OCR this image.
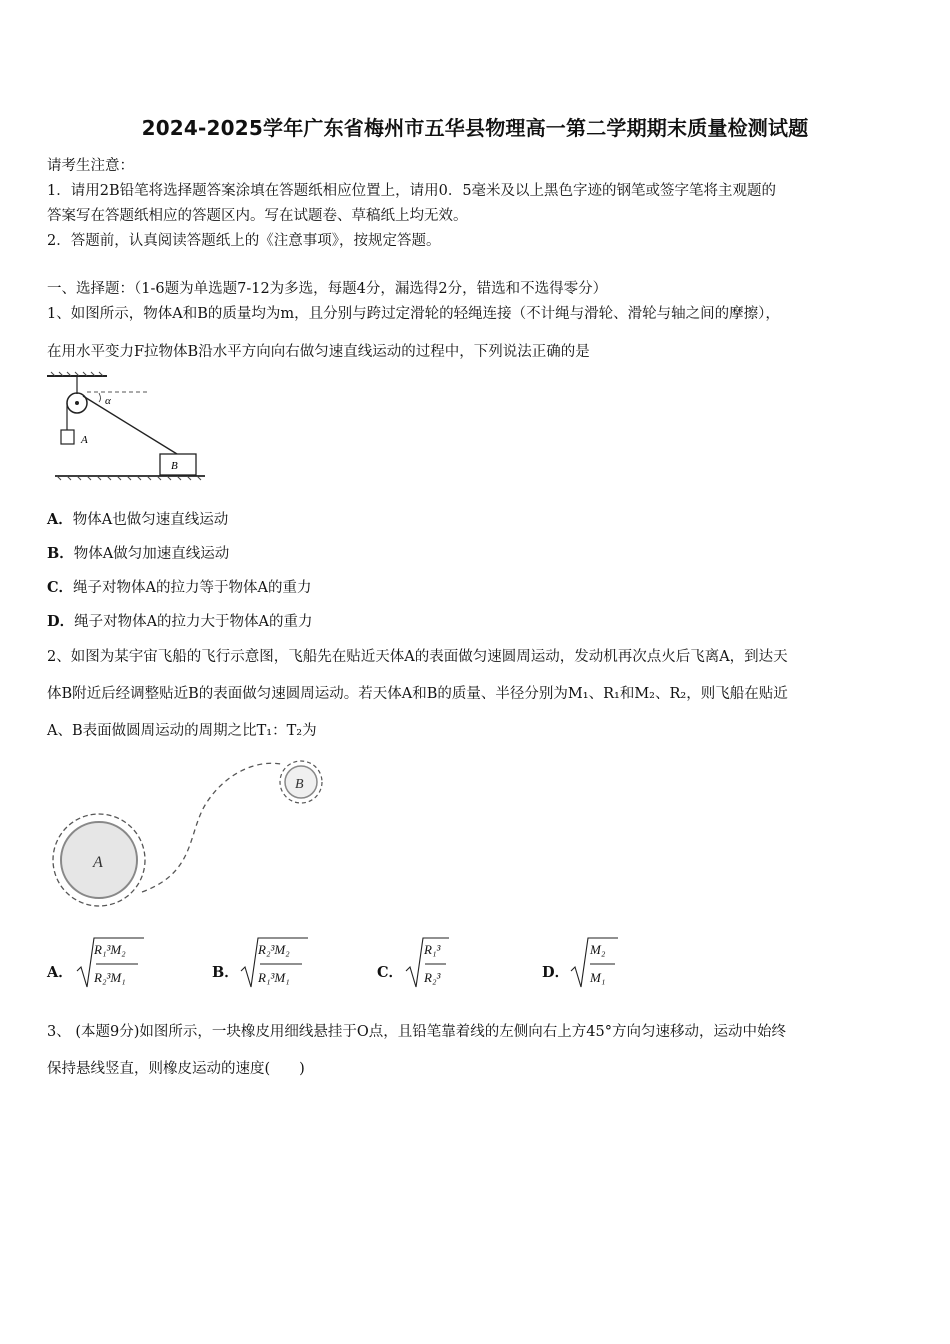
2024-2025学年广东省梅州市五华县物理高一第二学期期末质量检测试题
请考生注意：
1．请用2B铅笔将选择题答案涂填在答题纸相应位置上，请用0．5毫米及以上黑色字迹的钢笔或签字笔将主观题的
答案写在答题纸相应的答题区内。写在试题卷、草稿纸上均无效。
2．答题前，认真阅读答题纸上的《注意事项》，按规定答题。
一、选择题：（1-6题为单选题7-12为多选，每题4分，漏选得2分，错选和不选得零分）
1、如图所示，物体A和B的质量均为m，且分别与跨过定滑轮的轻绳连接（不计绳与滑轮、滑轮与轴之间的摩擦），
在用水平变力F拉物体B沿水平方向向右做匀速直线运动的过程中，下列说法正确的是
A
α
B
A．物体A也做匀速直线运动
B．物体A做匀加速直线运动
C．绳子对物体A的拉力等于物体A的重力
D．绳子对物体A的拉力大于物体A的重力
2、如图为某宇宙飞船的飞行示意图，飞船先在贴近天体A的表面做匀速圆周运动，发动机再次点火后飞离A，到达天
体B附近后经调整贴近B的表面做匀速圆周运动。若天体A和B的质量、半径分别为M₁、R₁和M₂、R₂，则飞船在贴近
A、B表面做圆周运动的周期之比T₁：T₂为
A
B
A．
R₁³M₂
R₂³M₁	B．
R₂³M₂
R₁³M₁	C．
R₁³
R₂³	D．
M₂
M₁
3、 (本题9分)如图所示，一块橡皮用细线悬挂于O点，且铅笔靠着线的左侧向右上方45°方向匀速移动，运动中始终
保持悬线竖直，则橡皮运动的速度(　　)
